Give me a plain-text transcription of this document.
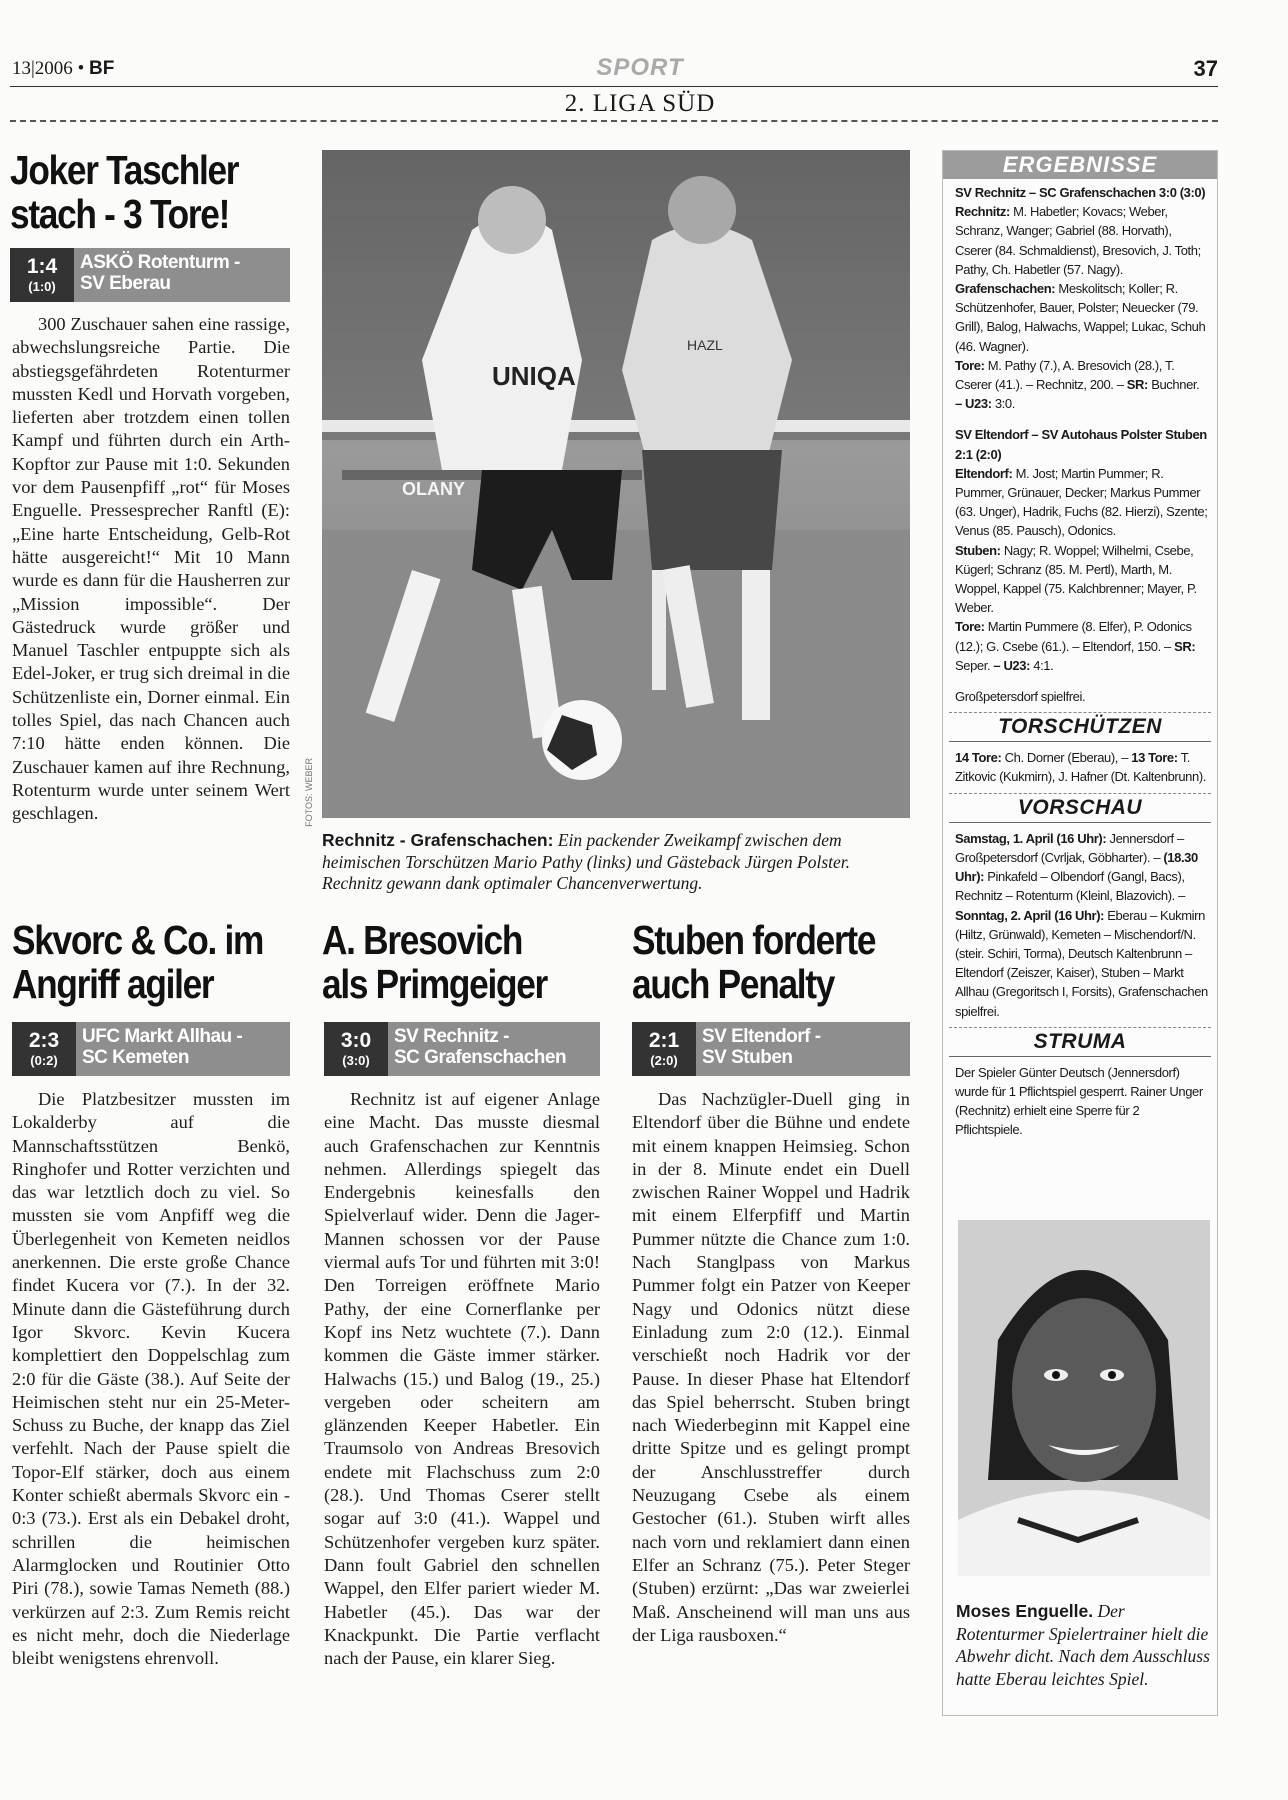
13|2006 • BF	SPORT	37
2. LIGA SÜD
Joker Taschler
stach - 3 Tore!
1:4
(1:0)
ASKÖ Rotenturm -
SV Eberau

300 Zuschauer sahen eine rassige, abwechslungsreiche Partie. Die abstiegsgefährdeten Rotenturmer mussten Kedl und Horvath vorgeben, lieferten aber trotzdem einen tollen Kampf und führten durch ein Arth-Kopftor zur Pause mit 1:0. Sekunden vor dem Pausenpfiff „rot“ für Moses Enguelle. Pressesprecher Ranftl (E): „Eine harte Entscheidung, Gelb-Rot hätte ausgereicht!“ Mit 10 Mann wurde es dann für die Hausherren zur „Mission impossible“. Der Gästedruck wurde größer und Manuel Taschler entpuppte sich als Edel-Joker, er trug sich dreimal in die Schützenliste ein, Dorner einmal. Ein tolles Spiel, das nach Chancen auch 7:10 hätte enden können. Die Zuschauer kamen auf ihre Rechnung, Rotenturm wurde unter seinem Wert geschlagen.

UNIQA
HAZL
OLANY
FOTOS: WEBER
Rechnitz - Grafenschachen: Ein packender Zweikampf zwischen dem heimischen Torschützen Mario Pathy (links) und Gästeback Jürgen Polster. Rechnitz gewann dank optimaler Chancenverwertung.
Skvorc & Co. im
Angriff agiler
2:3
(0:2)
UFC Markt Allhau -
SC Kemeten

Die Platzbesitzer mussten im Lokalderby auf die Mannschaftsstützen Benkö, Ringhofer und Rotter verzichten und das war letztlich doch zu viel. So mussten sie vom Anpfiff weg die Überlegenheit von Kemeten neidlos anerkennen. Die erste große Chance findet Kucera vor (7.). In der 32. Minute dann die Gästeführung durch Igor Skvorc. Kevin Kucera komplettiert den Doppelschlag zum 2:0 für die Gäste (38.). Auf Seite der Heimischen steht nur ein 25-Meter-Schuss zu Buche, der knapp das Ziel verfehlt. Nach der Pause spielt die Topor-Elf stärker, doch aus einem Konter schießt abermals Skvorc ein - 0:3 (73.). Erst als ein Debakel droht, schrillen die heimischen Alarmglocken und Routinier Otto Piri (78.), sowie Tamas Nemeth (88.) verkürzen auf 2:3. Zum Remis reicht es nicht mehr, doch die Niederlage bleibt wenigstens ehrenvoll.

A. Bresovich
als Primgeiger
3:0
(3:0)
SV Rechnitz -
SC Grafenschachen

Rechnitz ist auf eigener Anlage eine Macht. Das musste diesmal auch Grafenschachen zur Kenntnis nehmen. Allerdings spiegelt das Endergebnis keinesfalls den Spielverlauf wider. Denn die Jager-Mannen schossen vor der Pause viermal aufs Tor und führten mit 3:0! Den Torreigen eröffnete Mario Pathy, der eine Cornerflanke per Kopf ins Netz wuchtete (7.). Dann kommen die Gäste immer stärker. Halwachs (15.) und Balog (19., 25.) vergeben oder scheitern am glänzenden Keeper Habetler. Ein Traumsolo von Andreas Bresovich endete mit Flachschuss zum 2:0 (28.). Und Thomas Cserer stellt sogar auf 3:0 (41.). Wappel und Schützenhofer vergeben kurz später. Dann foult Gabriel den schnellen Wappel, den Elfer pariert wieder M. Habetler (45.). Das war der Knackpunkt. Die Partie verflacht nach der Pause, ein klarer Sieg.

Stuben forderte
auch Penalty
2:1
(2:0)
SV Eltendorf -
SV Stuben

Das Nachzügler-Duell ging in Eltendorf über die Bühne und endete mit einem knappen Heimsieg. Schon in der 8. Minute endet ein Duell zwischen Rainer Woppel und Hadrik mit einem Elferpfiff und Martin Pummer nützte die Chance zum 1:0. Nach Stanglpass von Markus Pummer folgt ein Patzer von Keeper Nagy und Odonics nützt diese Einladung zum 2:0 (12.). Einmal verschießt noch Hadrik vor der Pause. In dieser Phase hat Eltendorf das Spiel beherrscht. Stuben bringt nach Wiederbeginn mit Kappel eine dritte Spitze und es gelingt prompt der Anschlusstreffer durch Neuzugang Csebe als einem Gestocher (61.). Stuben wirft alles nach vorn und reklamiert dann einen Elfer an Schranz (75.). Peter Steger (Stuben) erzürnt: „Das war zweierlei Maß. Anscheinend will man uns aus der Liga rausboxen.“

ERGEBNISSE
SV Rechnitz – SC Grafenschachen 3:0 (3:0)
Rechnitz: M. Habetler; Kovacs; Weber, Schranz, Wanger; Gabriel (88. Horvath), Cserer (84. Schmaldienst), Bresovich, J. Toth; Pathy, Ch. Habetler (57. Nagy).
Grafenschachen: Meskolitsch; Koller; R. Schützenhofer, Bauer, Polster; Neuecker (79. Grill), Balog, Halwachs, Wappel; Lukac, Schuh (46. Wagner).
Tore: M. Pathy (7.), A. Bresovich (28.), T. Cserer (41.). – Rechnitz, 200. – SR: Buchner. – U23: 3:0.
SV Eltendorf – SV Autohaus Polster Stuben 2:1 (2:0)
Eltendorf: M. Jost; Martin Pummer; R. Pummer, Grünauer, Decker; Markus Pummer (63. Unger), Hadrik, Fuchs (82. Hierzi), Szente; Venus (85. Pausch), Odonics.
Stuben: Nagy; R. Woppel; Wilhelmi, Csebe, Kügerl; Schranz (85. M. Pertl), Marth, M. Woppel, Kappel (75. Kalchbrenner; Mayer, P. Weber.
Tore: Martin Pummere (8. Elfer), P. Odonics (12.); G. Csebe (61.). – Eltendorf, 150. – SR: Seper. – U23: 4:1.
Großpetersdorf spielfrei.
TORSCHÜTZEN
14 Tore: Ch. Dorner (Eberau), – 13 Tore: T. Zitkovic (Kukmirn), J. Hafner (Dt. Kaltenbrunn).
VORSCHAU
Samstag, 1. April (16 Uhr): Jennersdorf – Großpetersdorf (Cvrljak, Göbharter). – (18.30 Uhr): Pinkafeld – Olbendorf (Gangl, Bacs), Rechnitz – Rotenturm (Kleinl, Blazovich). – Sonntag, 2. April (16 Uhr): Eberau – Kukmirn (Hiltz, Grünwald), Kemeten – Mischendorf/N. (steir. Schiri, Torma), Deutsch Kaltenbrunn – Eltendorf (Zeiszer, Kaiser), Stuben – Markt Allhau (Gregoritsch I, Forsits), Grafenschachen spielfrei.
STRUMA
Der Spieler Günter Deutsch (Jennersdorf) wurde für 1 Pflichtspiel gesperrt. Rainer Unger (Rechnitz) erhielt eine Sperre für 2 Pflichtspiele.
Moses Enguelle. Der Rotenturmer Spielertrainer hielt die Abwehr dicht. Nach dem Ausschluss hatte Eberau leichtes Spiel.
